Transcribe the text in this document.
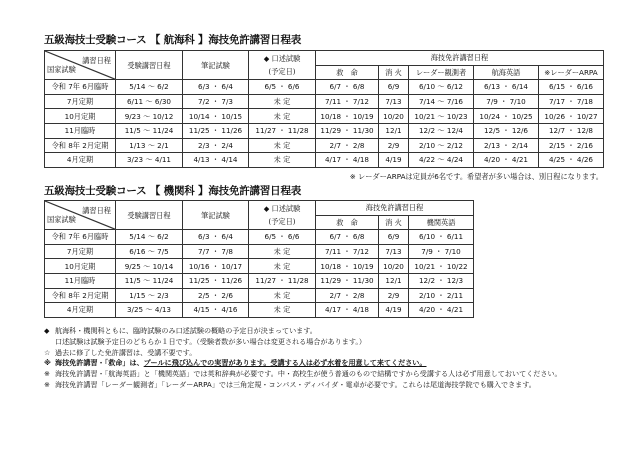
五級海技士受験コース 【 航海科 】海技免許講習日程表
講習日程
国家試験	受験講習日程	筆記試験	◆ 口述試験
(予定日)	海技免許講習日程				
				救　命	消 火	レーダー観測者	航海英語	※レーダーARPA
令和 7年 6月臨時	5/14 ～ 6/2	6/3 ・ 6/4	6/5 ・ 6/6	6/7 ・ 6/8	6/9	6/10 ～ 6/12	6/13 ・ 6/14	6/15 ・ 6/16
7月定期	6/11 ～ 6/30	7/2 ・ 7/3	未 定	7/11 ・ 7/12	7/13	7/14 ～ 7/16	7/9 ・ 7/10	7/17 ・ 7/18
10月定期	9/23 ～ 10/12	10/14 ・ 10/15	未 定	10/18 ・ 10/19	10/20	10/21 ～ 10/23	10/24 ・ 10/25	10/26 ・ 10/27
11月臨時	11/5 ～ 11/24	11/25 ・ 11/26	11/27 ・ 11/28	11/29 ・ 11/30	12/1	12/2 ～ 12/4	12/5 ・ 12/6	12/7 ・ 12/8
令和 8年 2月定期	1/13 ～ 2/1	2/3 ・ 2/4	未 定	2/7 ・ 2/8	2/9	2/10 ～ 2/12	2/13 ・ 2/14	2/15 ・ 2/16
4月定期	3/23 ～ 4/11	4/13 ・ 4/14	未 定	4/17 ・ 4/18	4/19	4/22 ～ 4/24	4/20 ・ 4/21	4/25 ・ 4/26
※ レーダーARPAは定員が6名です。希望者が多い場合は、別日程になります。
五級海技士受験コース 【 機関科 】海技免許講習日程表
講習日程
国家試験	受験講習日程	筆記試験	◆ 口述試験
(予定日)	海技免許講習日程		
				救　命	消 火	機関英語
令和 7年 6月臨時	5/14 ～ 6/2	6/3 ・ 6/4	6/5 ・ 6/6	6/7 ・ 6/8	6/9	6/10 ・ 6/11
7月定期	6/16 ～ 7/5	7/7 ・ 7/8	未 定	7/11 ・ 7/12	7/13	7/9 ・ 7/10
10月定期	9/25 ～ 10/14	10/16 ・ 10/17	未 定	10/18 ・ 10/19	10/20	10/21 ・ 10/22
11月臨時	11/5 ～ 11/24	11/25 ・ 11/26	11/27 ・ 11/28	11/29 ・ 11/30	12/1	12/2 ・ 12/3
令和 8年 2月定期	1/15 ～ 2/3	2/5 ・ 2/6	未 定	2/7 ・ 2/8	2/9	2/10 ・ 2/11
4月定期	3/25 ～ 4/13	4/15 ・ 4/16	未 定	4/17 ・ 4/18	4/19	4/20 ・ 4/21
◆ 航海科・機関科ともに、臨時試験のみ口述試験の概略の予定日が決まっています。
口述試験は試験予定日のどちらか１日です。（受験者数が多い場合は変更される場合があります。）
☆ 過去に修了した免許講習は、受講不要です。
※ 海技免許講習・「救命」は、プールに飛び込んでの実習があります。受講する人は必ず水着を用意して来てください。
※ 海技免許講習・「航海英語」と「機関英語」では英和辞典が必要です。中・高校生が使う普通のもので結構ですから受講する人は必ず用意しておいてください。
※ 海技免許講習「レーダー観測者」「レーダーARPA」では三角定規・コンパス・ディバイダ・電卓が必要です。これらは尾道海技学院でも購入できます。
